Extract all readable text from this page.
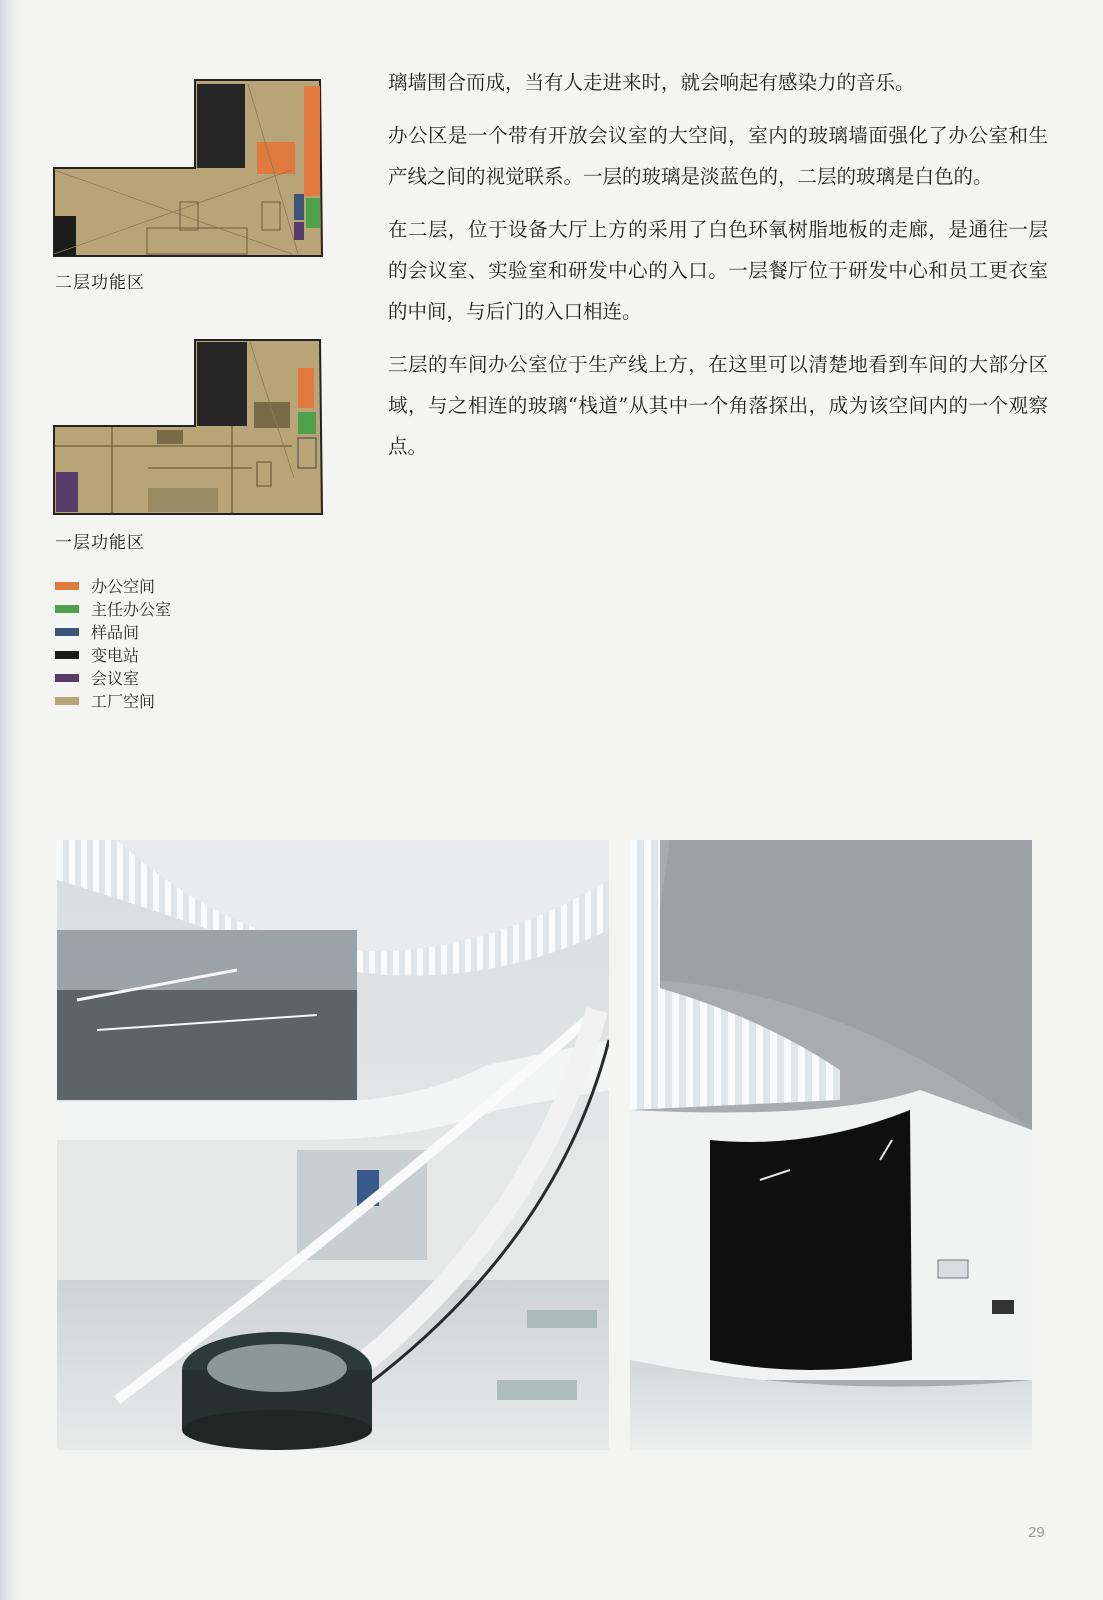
二层功能区
一层功能区
办公空间
主任办公室
样品间
变电站
会议室
工厂空间

璃墙围合而成，当有人走进来时，就会响起有感染力的音乐。

办公区是一个带有开放会议室的大空间，室内的玻璃墙面强化了办公室和生产线之间的视觉联系。一层的玻璃是淡蓝色的，二层的玻璃是白色的。

在二层，位于设备大厅上方的采用了白色环氧树脂地板的走廊，是通往一层的会议室、实验室和研发中心的入口。一层餐厅位于研发中心和员工更衣室的中间，与后门的入口相连。

三层的车间办公室位于生产线上方，在这里可以清楚地看到车间的大部分区域，与之相连的玻璃“栈道”从其中一个角落探出，成为该空间内的一个观察点。

29
